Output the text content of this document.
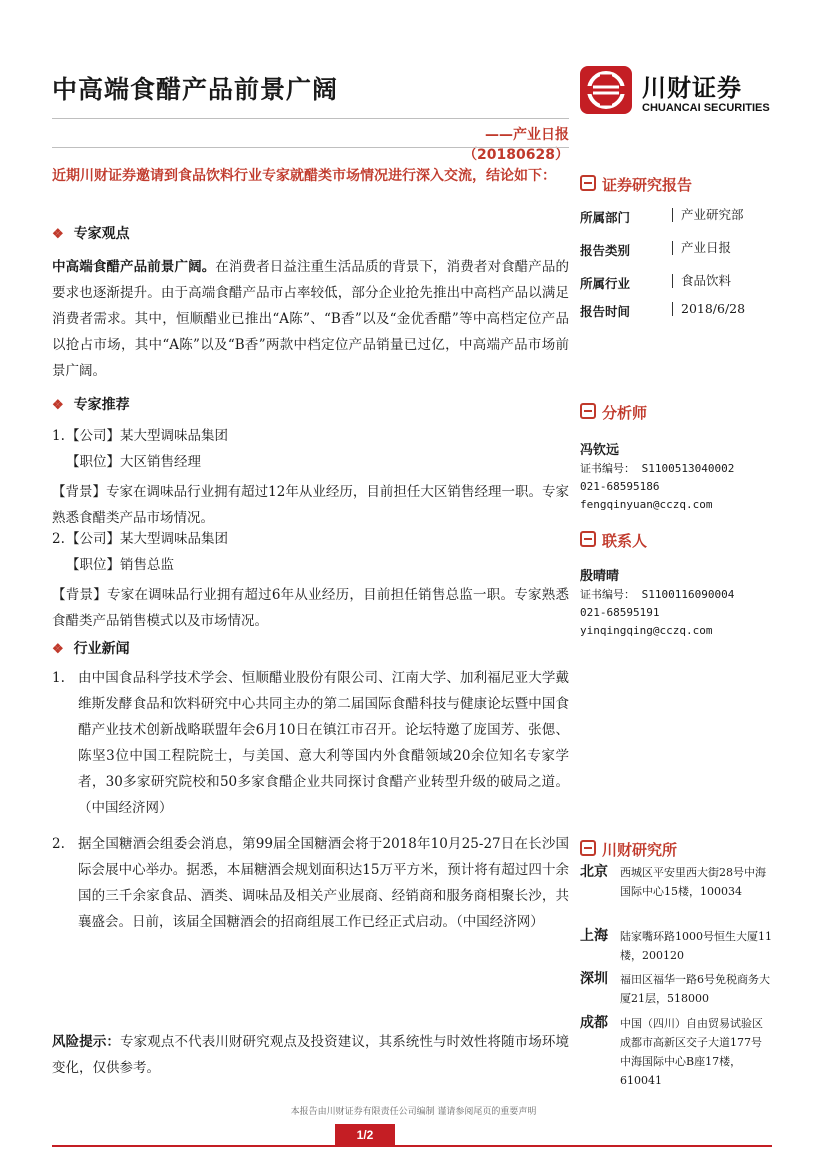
中高端食醋产品前景广阔
——产业日报（20180628）
川财证券
CHUANCAI SECURITIES
近期川财证券邀请到食品饮料行业专家就醋类市场情况进行深入交流，结论如下：
❖ 专家观点
中高端食醋产品前景广阔。在消费者日益注重生活品质的背景下，消费者对食醋产品的要求也逐渐提升。由于高端食醋产品市占率较低，部分企业抢先推出中高档产品以满足消费者需求。其中，恒顺醋业已推出“A陈”、“B香”以及“金优香醋”等中高档定位产品以抢占市场，其中“A陈”以及“B香”两款中档定位产品销量已过亿，中高端产品市场前景广阔。
❖ 专家推荐
1. 【公司】某大型调味品集团
【职位】大区销售经理
【背景】专家在调味品行业拥有超过12年从业经历，目前担任大区销售经理一职。专家熟悉食醋类产品市场情况。
2. 【公司】某大型调味品集团
【职位】销售总监
【背景】专家在调味品行业拥有超过6年从业经历，目前担任销售总监一职。专家熟悉食醋类产品销售模式以及市场情况。
❖ 行业新闻
1. 由中国食品科学技术学会、恒顺醋业股份有限公司、江南大学、加利福尼亚大学戴维斯发酵食品和饮料研究中心共同主办的第二届国际食醋科技与健康论坛暨中国食醋产业技术创新战略联盟年会6月10日在镇江市召开。论坛特邀了庞国芳、张偲、陈坚3位中国工程院院士，与美国、意大利等国内外食醋领域20余位知名专家学者，30多家研究院校和50多家食醋企业共同探讨食醋产业转型升级的破局之道。（中国经济网）
2. 据全国糖酒会组委会消息，第99届全国糖酒会将于2018年10月25-27日在长沙国际会展中心举办。据悉，本届糖酒会规划面积达15万平方米，预计将有超过四十余国的三千余家食品、酒类、调味品及相关产业展商、经销商和服务商相聚长沙，共襄盛会。日前，该届全国糖酒会的招商组展工作已经正式启动。（中国经济网）
风险提示：专家观点不代表川财研究观点及投资建议，其系统性与时效性将随市场环境变化，仅供参考。
证券研究报告
所属部门	产业研究部
报告类别	产业日报
所属行业	食品饮料
报告时间	2018/6/28
分析师
冯钦远
证书编号： S1100513040002
021-68595186
fengqinyuan@cczq.com
联系人
殷晴晴
证书编号： S1100116090004
021-68595191
yinqingqing@cczq.com
川财研究所
北京	西城区平安里西大街28号中海国际中心15楼，100034
上海	陆家嘴环路1000号恒生大厦11楼，200120
深圳	福田区福华一路6号免税商务大厦21层，518000
成都	中国（四川）自由贸易试验区成都市高新区交子大道177号中海国际中心B座17楼，610041
本报告由川财证券有限责任公司编制 谨请参阅尾页的重要声明
1/2
